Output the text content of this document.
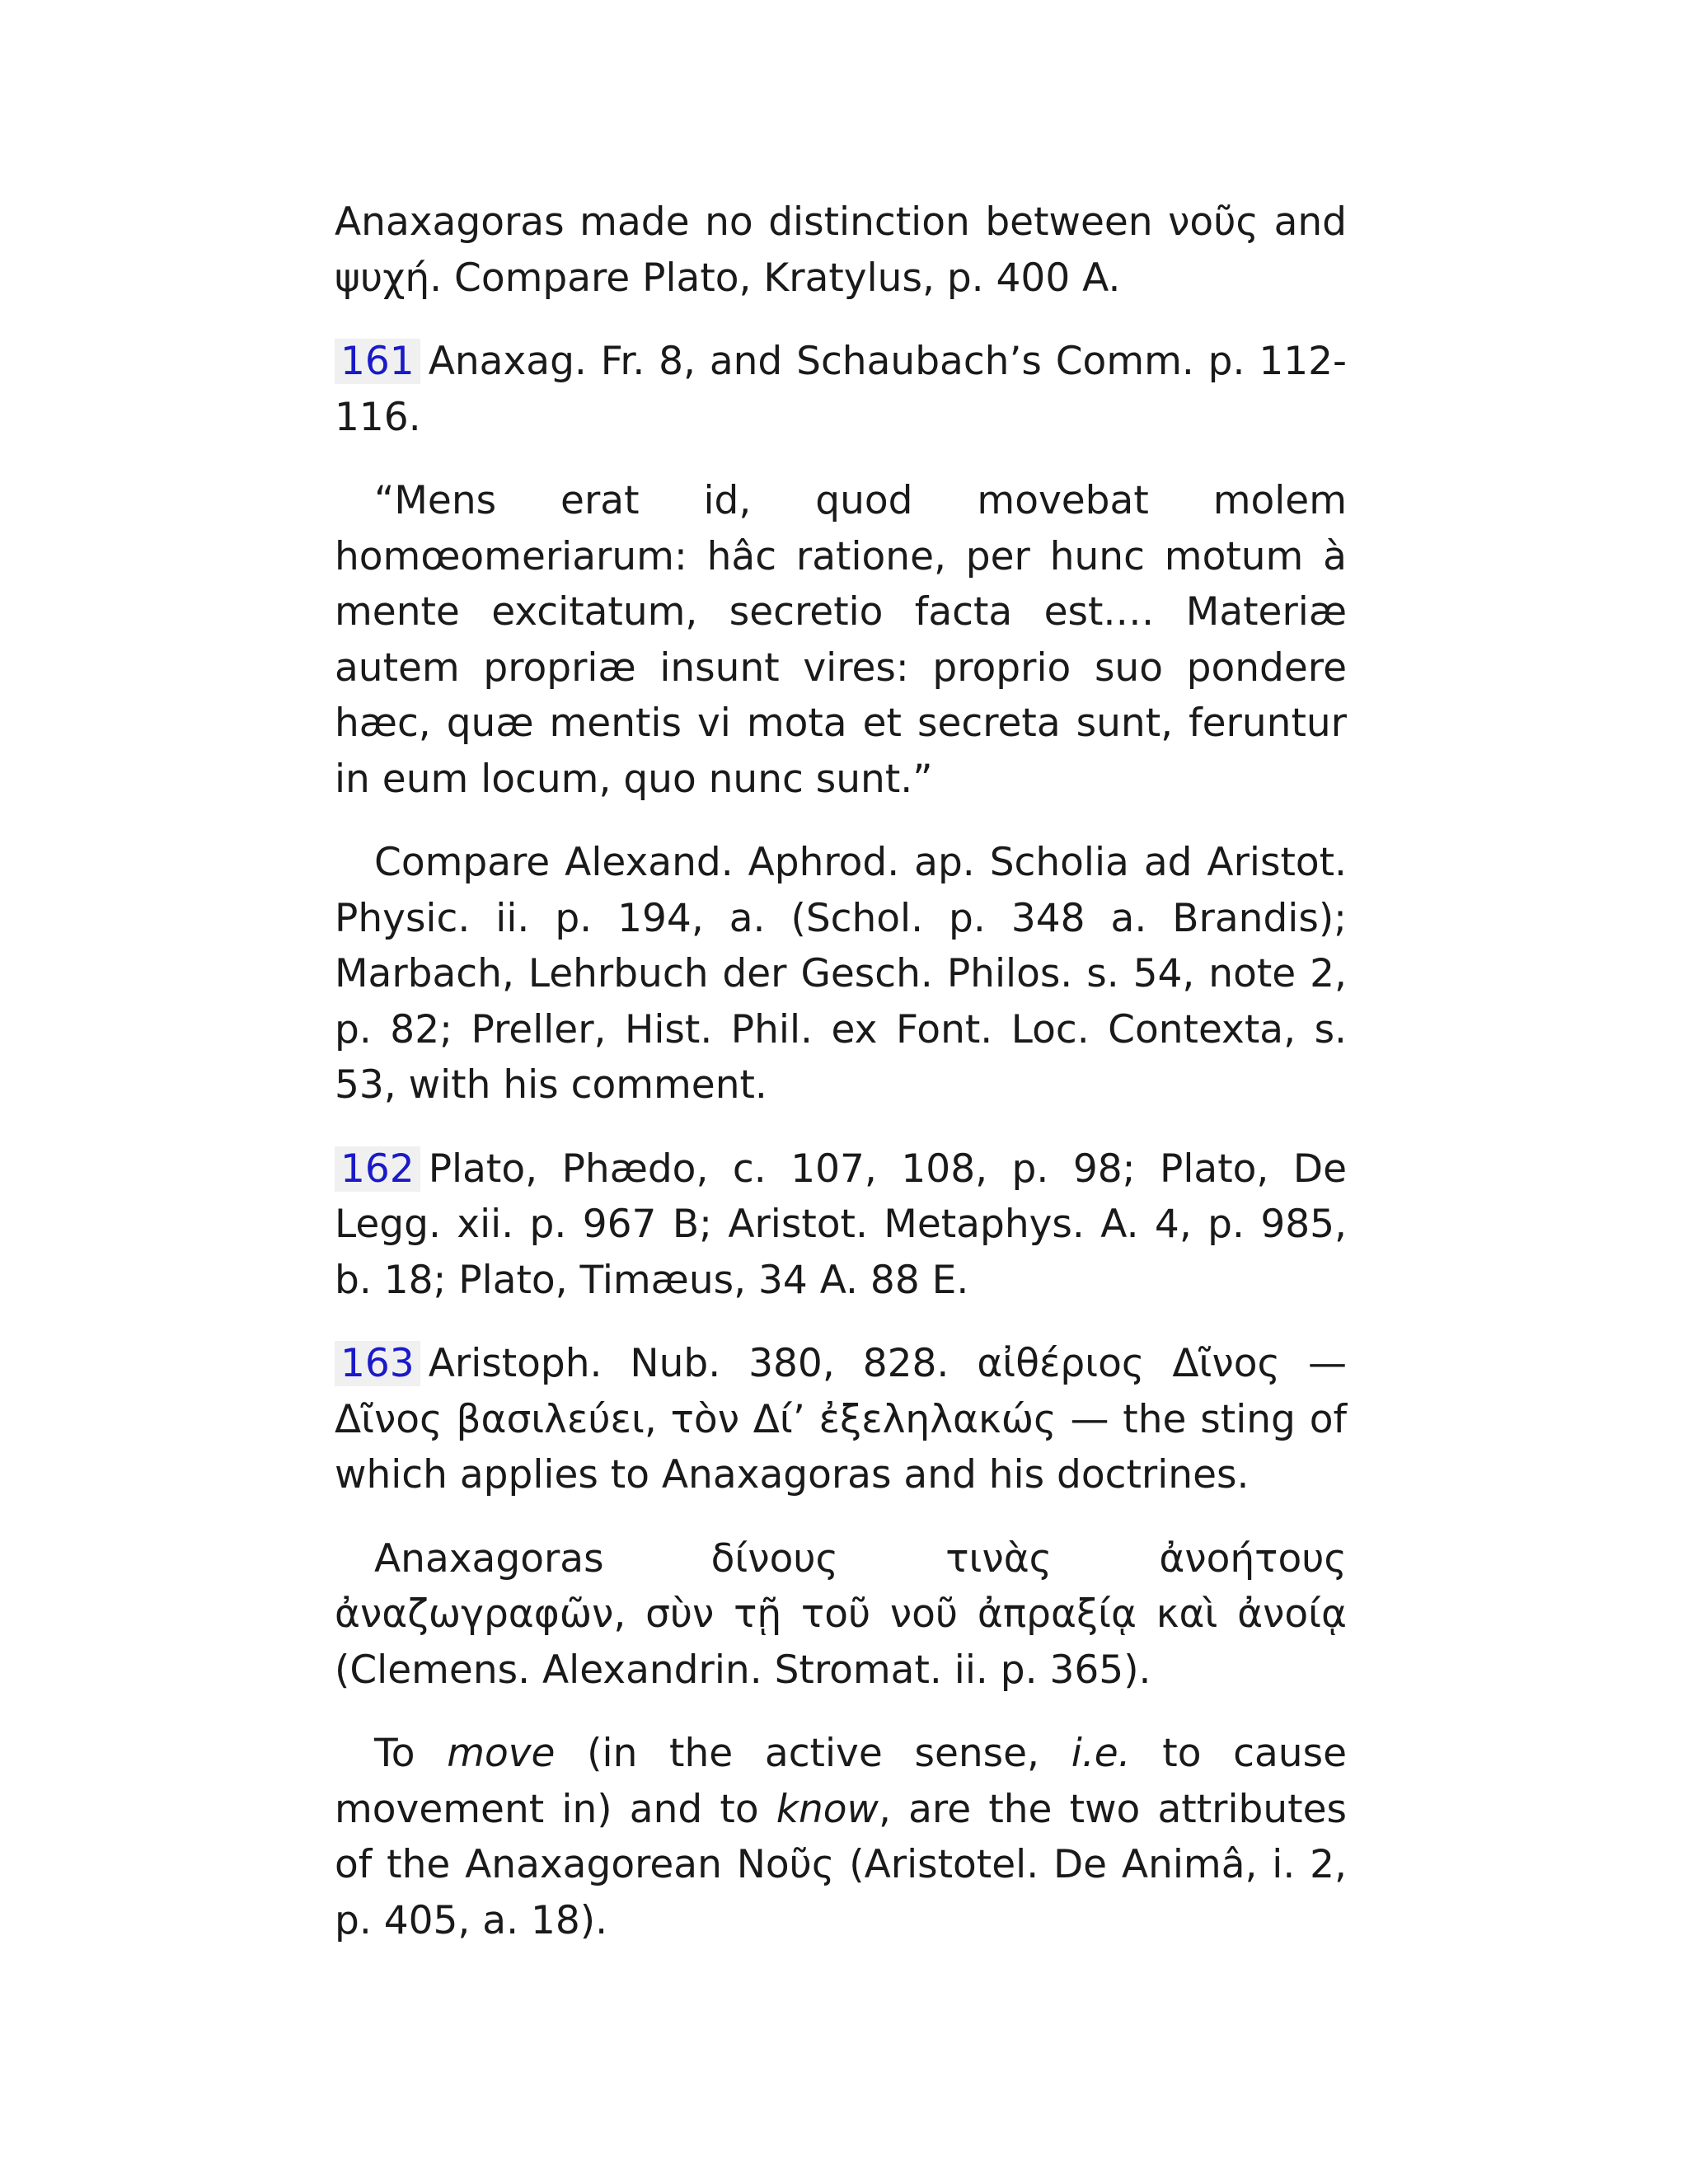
Anaxagoras made no distinction between νοῦς and ψυχή. Compare Plato, Kratylus, p. 400 A.

161 Anaxag. Fr. 8, and Schaubach’s Comm. p. 112-116.

“Mens erat id, quod movebat molem homœomeriarum: hâc ratione, per hunc motum à mente excitatum, secretio facta est.… Materiæ autem propriæ insunt vires: proprio suo pondere hæc, quæ mentis vi mota et secreta sunt, feruntur in eum locum, quo nunc sunt.”

Compare Alexand. Aphrod. ap. Scholia ad Aristot. Physic. ii. p. 194, a. (Schol. p. 348 a. Brandis); Marbach, Lehrbuch der Gesch. Philos. s. 54, note 2, p. 82; Preller, Hist. Phil. ex Font. Loc. Contexta, s. 53, with his comment.

162 Plato, Phædo, c. 107, 108, p. 98; Plato, De Legg. xii. p. 967 B; Aristot. Metaphys. A. 4, p. 985, b. 18; Plato, Timæus, 34 A. 88 E.

163 Aristoph. Nub. 380, 828. αἰθέριος Δῖνος — Δῖνος βασιλεύει, τὸν Δί’ ἐξεληλακώς — the sting of which applies to Anaxagoras and his doctrines.

Anaxagoras δίνους τινὰς ἀνοήτους ἀναζωγραφῶν, σὺν τῇ τοῦ νοῦ ἀπραξίᾳ καὶ ἀνοίᾳ (Clemens. Alexandrin. Stromat. ii. p. 365).

To move (in the active sense, i.e. to cause movement in) and to know, are the two attributes of the Anaxagorean Νοῦς (Aristotel. De Animâ, i. 2, p. 405, a. 18).
